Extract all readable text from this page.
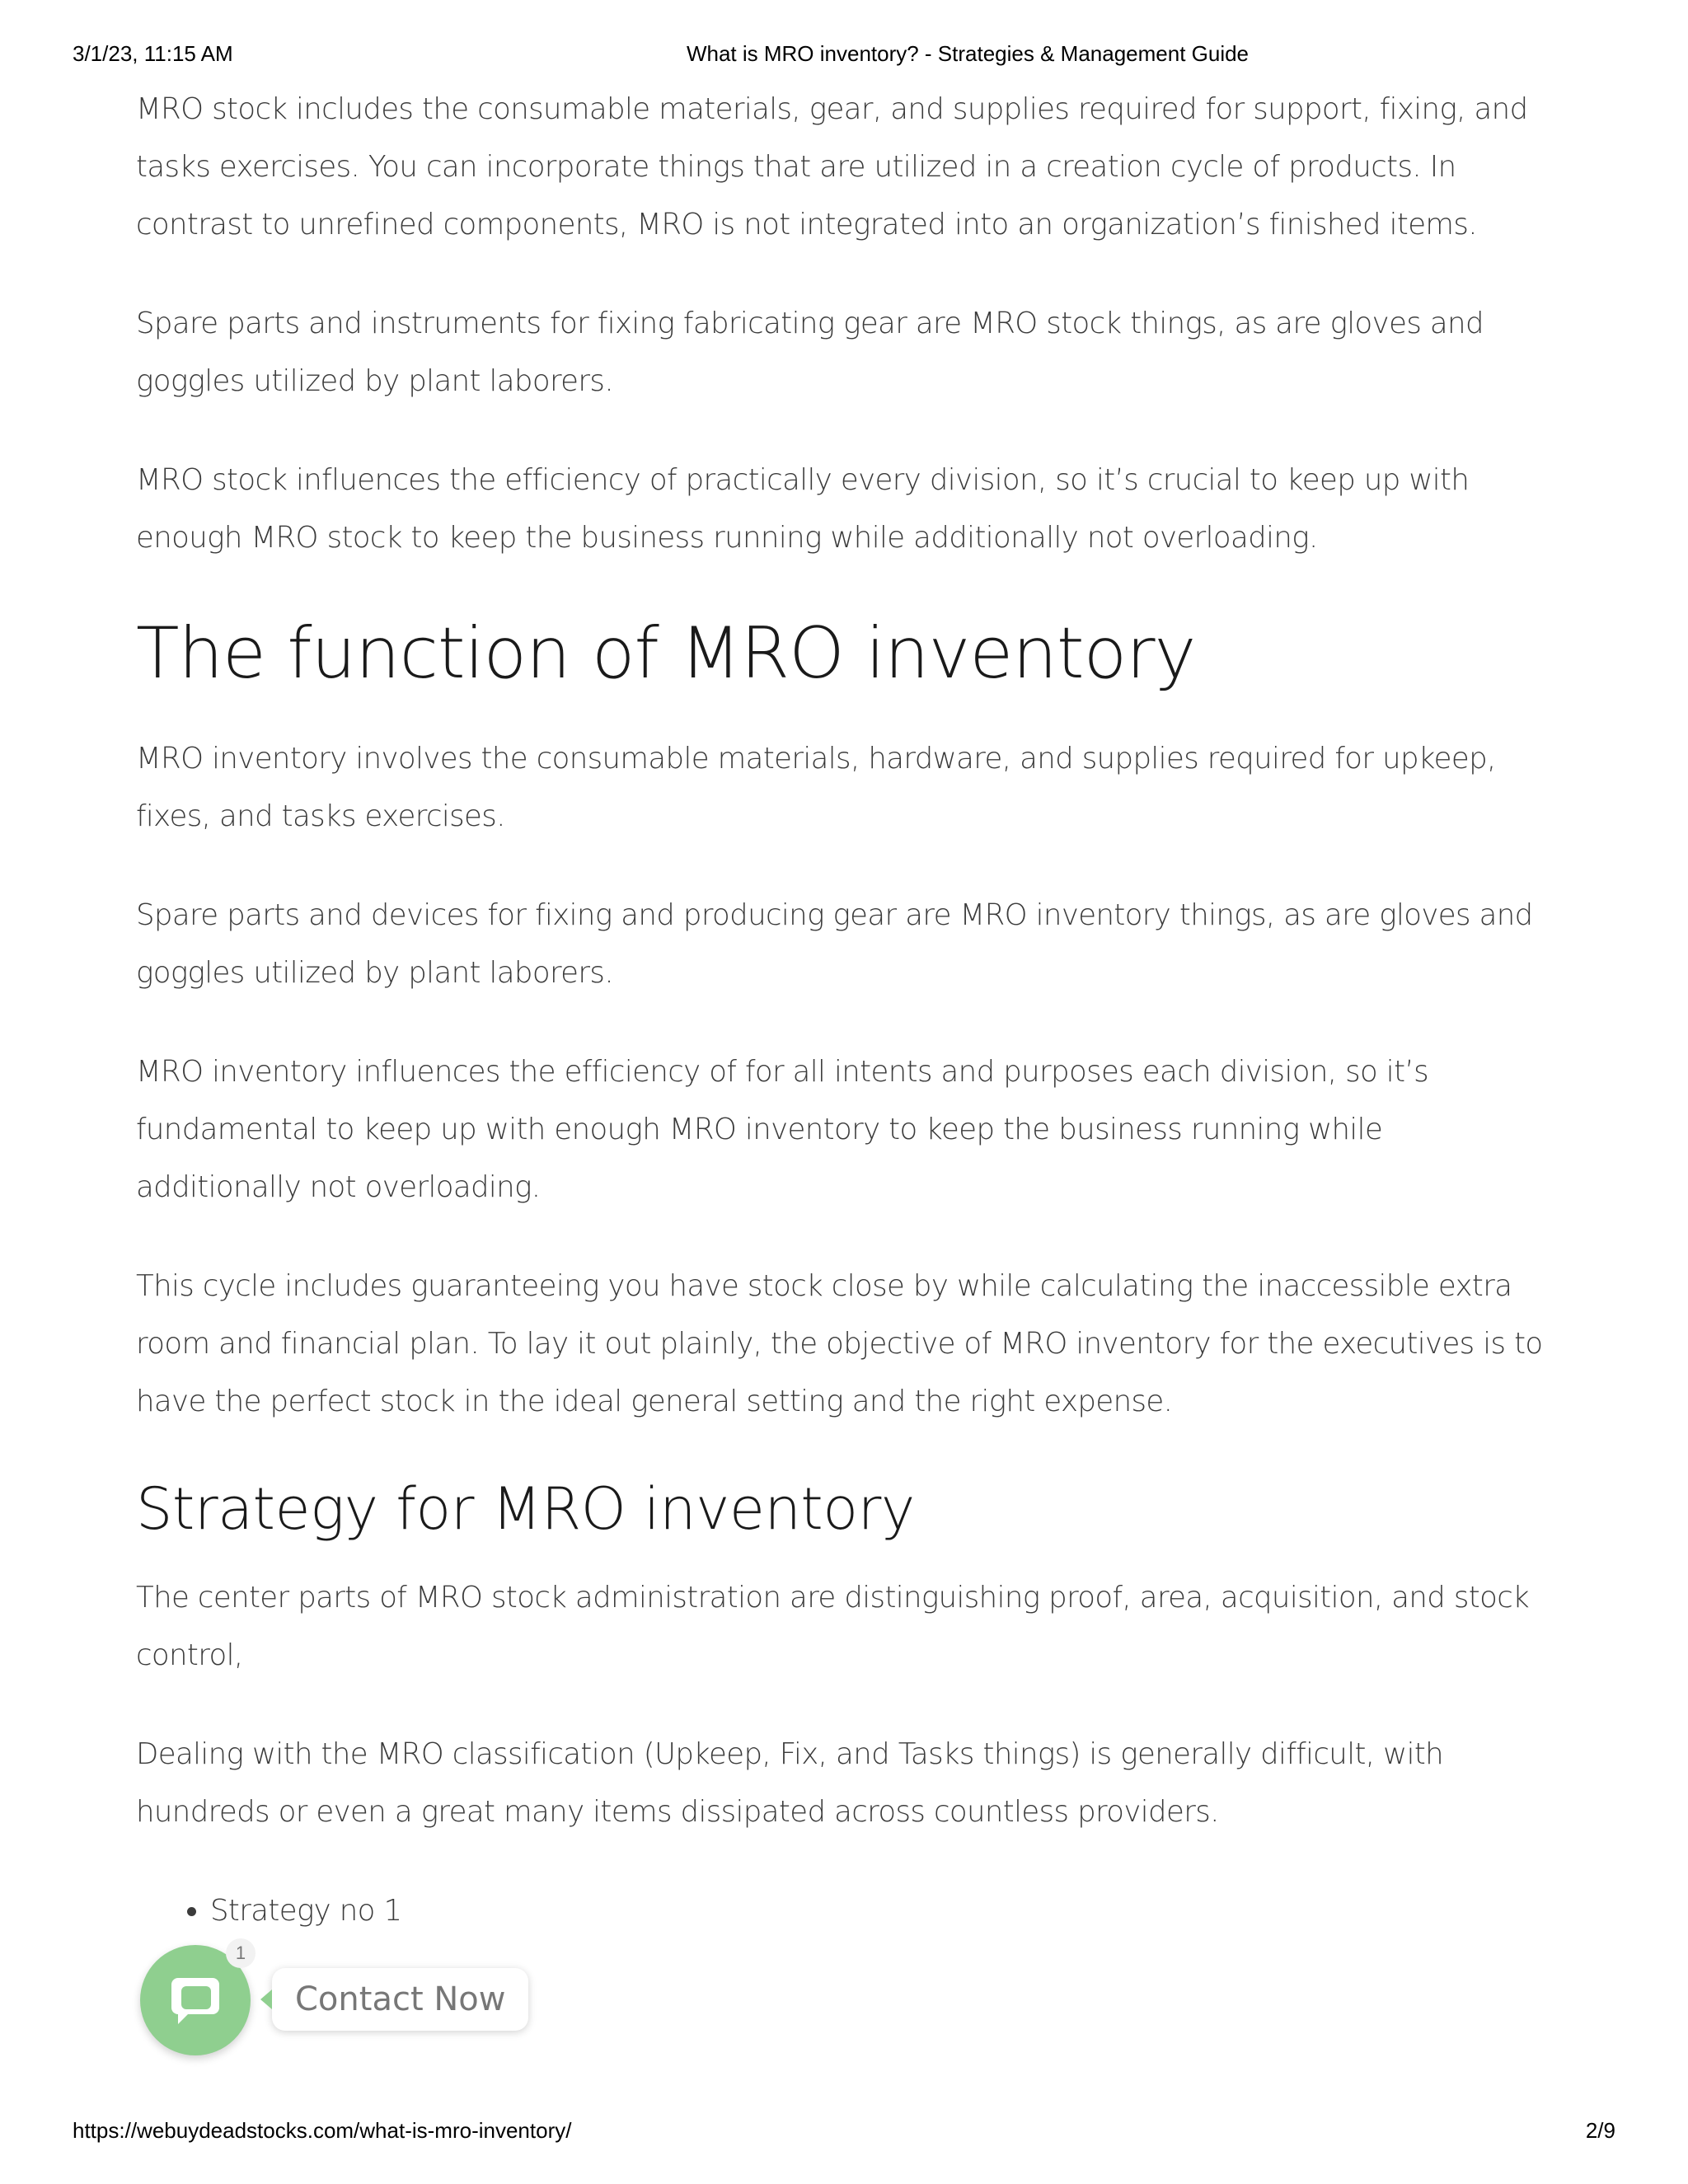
3/1/23, 11:15 AM	What is MRO inventory? - Strategies & Management Guide

MRO stock includes the consumable materials, gear, and supplies required for support, fixing, and tasks exercises. You can incorporate things that are utilized in a creation cycle of products. In contrast to unrefined components, MRO is not integrated into an organization’s finished items.

Spare parts and instruments for fixing fabricating gear are MRO stock things, as are gloves and goggles utilized by plant laborers.

MRO stock influences the efficiency of practically every division, so it’s crucial to keep up with enough MRO stock to keep the business running while additionally not overloading.

The function of MRO inventory

MRO inventory involves the consumable materials, hardware, and supplies required for upkeep, fixes, and tasks exercises.

Spare parts and devices for fixing and producing gear are MRO inventory things, as are gloves and goggles utilized by plant laborers.

MRO inventory influences the efficiency of for all intents and purposes each division, so it’s fundamental to keep up with enough MRO inventory to keep the business running while additionally not overloading.

This cycle includes guaranteeing you have stock close by while calculating the inaccessible extra room and financial plan. To lay it out plainly, the objective of MRO inventory for the executives is to have the perfect stock in the ideal general setting and the right expense.

Strategy for MRO inventory

The center parts of MRO stock administration are distinguishing proof, area, acquisition, and stock control,

Dealing with the MRO classification (Upkeep, Fix, and Tasks things) is generally difficult, with hundreds or even a great many items dissipated across countless providers.

• Strategy no 1
1
Contact Now
https://webuydeadstocks.com/what-is-mro-inventory/	2/9
